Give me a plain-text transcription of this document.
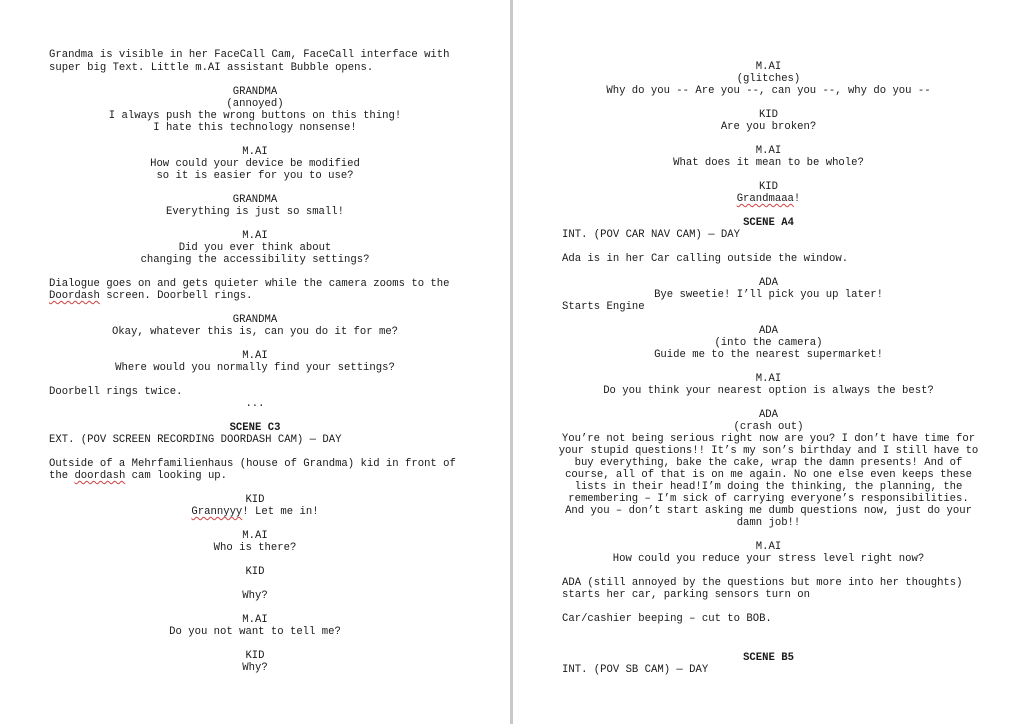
Grandma is visible in her FaceCall Cam, FaceCall interface with

super big Text. Little m.AI assistant Bubble opens.

GRANDMA

(annoyed)

I always push the wrong buttons on this thing!

I hate this technology nonsense!

M.AI

How could your device be modified

so it is easier for you to use?

GRANDMA

Everything is just so small!

M.AI

Did you ever think about

changing the accessibility settings?

Dialogue goes on and gets quieter while the camera zooms to the

Doordash screen. Doorbell rings.

GRANDMA

Okay, whatever this is, can you do it for me?

M.AI

Where would you normally find your settings?

Doorbell rings twice.

...

SCENE C3

EXT. (POV SCREEN RECORDING DOORDASH CAM) — DAY

Outside of a Mehrfamilienhaus (house of Grandma) kid in front of

the doordash cam looking up.

KID

Grannyyy! Let me in!

M.AI

Who is there?

KID

Why?

M.AI

Do you not want to tell me?

KID

Why?

M.AI

(glitches)

Why do you -- Are you --, can you --, why do you --

KID

Are you broken?

M.AI

What does it mean to be whole?

KID

Grandmaaa!

SCENE A4

INT. (POV CAR NAV CAM) — DAY

Ada is in her Car calling outside the window.

ADA

Bye sweetie! I’ll pick you up later!

Starts Engine

ADA

(into the camera)

Guide me to the nearest supermarket!

M.AI

Do you think your nearest option is always the best?

ADA

(crash out)

You’re not being serious right now are you? I don’t have time for

your stupid questions!! It’s my son’s birthday and I still have to

buy everything, bake the cake, wrap the damn presents! And of

course, all of that is on me again. No one else even keeps these

lists in their head!I’m doing the thinking, the planning, the

remembering – I’m sick of carrying everyone’s responsibilities.

And you – don’t start asking me dumb questions now, just do your

damn job!!

M.AI

How could you reduce your stress level right now?

ADA (still annoyed by the questions but more into her thoughts)

starts her car, parking sensors turn on

Car/cashier beeping – cut to BOB.

SCENE B5

INT. (POV SB CAM) — DAY
